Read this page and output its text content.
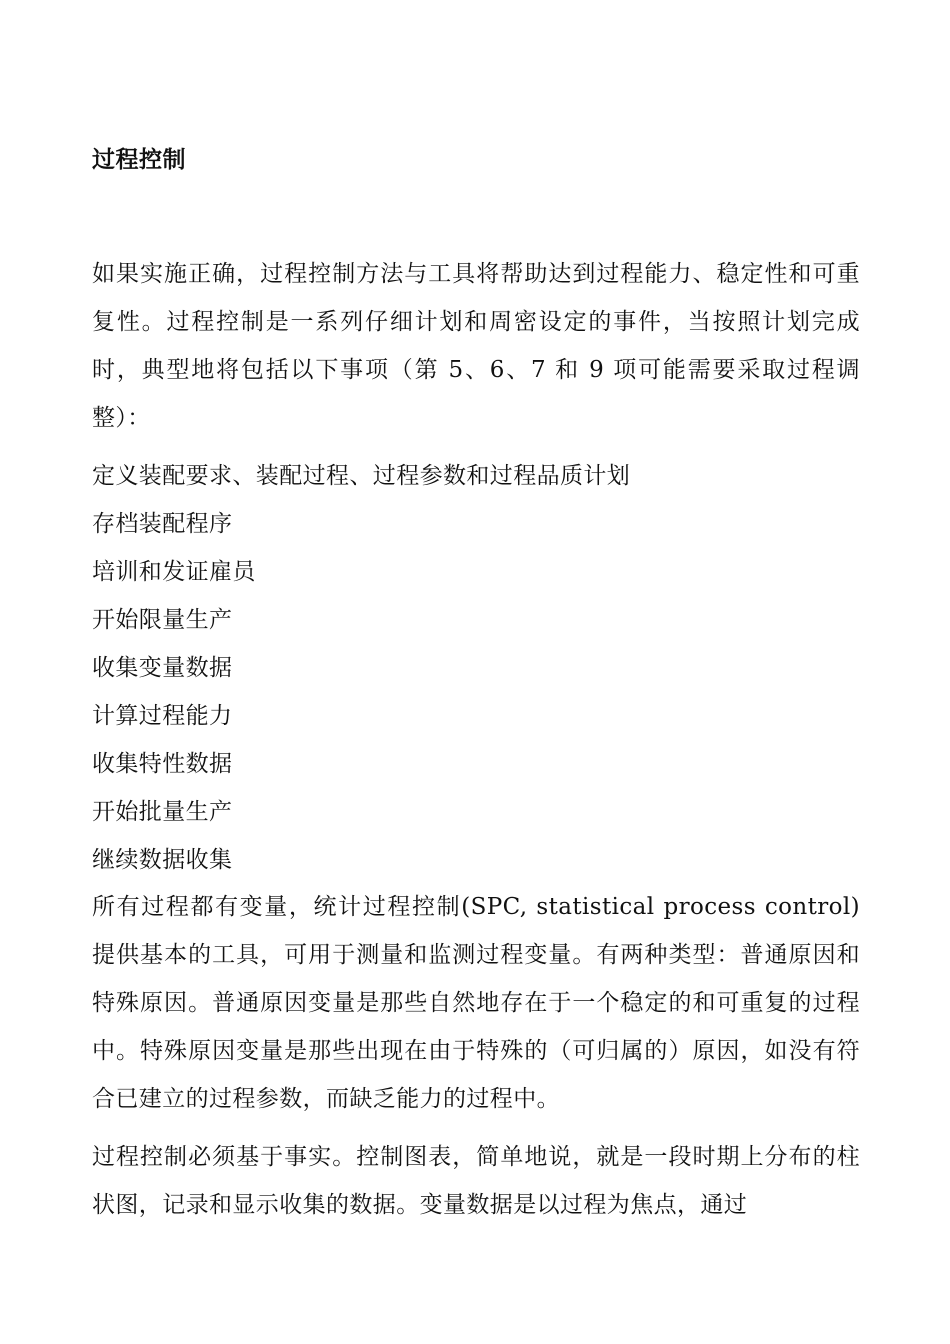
过程控制

如果实施正确，过程控制方法与工具将帮助达到过程能力、稳定性和可重复性。过程控制是一系列仔细计划和周密设定的事件，当按照计划完成时，典型地将包括以下事项（第 5、6、7 和 9 项可能需要采取过程调整）：

定义装配要求、装配过程、过程参数和过程品质计划
存档装配程序
培训和发证雇员
开始限量生产
收集变量数据
计算过程能力
收集特性数据
开始批量生产
继续数据收集

所有过程都有变量，统计过程控制(SPC, statistical process control)提供基本的工具，可用于测量和监测过程变量。有两种类型：普通原因和特殊原因。普通原因变量是那些自然地存在于一个稳定的和可重复的过程中。特殊原因变量是那些出现在由于特殊的（可归属的）原因，如没有符合已建立的过程参数，而缺乏能力的过程中。

过程控制必须基于事实。控制图表，简单地说，就是一段时期上分布的柱状图，记录和显示收集的数据。变量数据是以过程为焦点，通过
